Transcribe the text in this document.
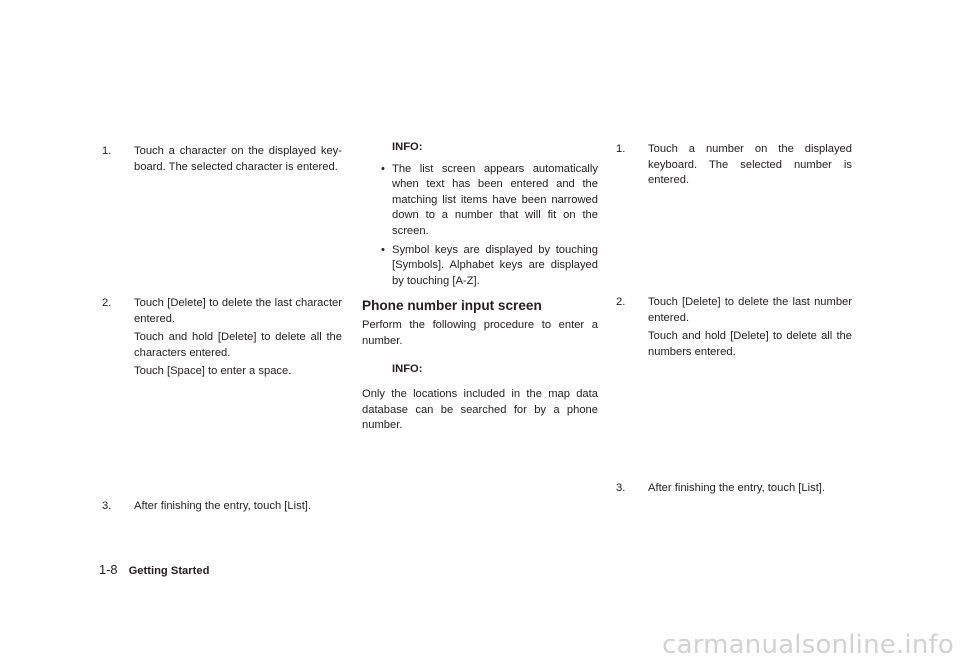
1. Touch a character on the displayed key-board. The selected character is entered.
2. Touch [Delete] to delete the last character entered.

Touch and hold [Delete] to delete all the characters entered.

Touch [Space] to enter a space.

3. After finishing the entry, touch [List].

INFO:

• The list screen appears automatically when text has been entered and the matching list items have been narrowed down to a number that will fit on the screen.
• Symbol keys are displayed by touching [Symbols]. Alphabet keys are displayed by touching [A-Z].
Phone number input screen

Perform the following procedure to enter a number.

INFO:

Only the locations included in the map data database can be searched for by a phone number.

1. Touch a number on the displayed keyboard. The selected number is entered.
2. Touch [Delete] to delete the last number entered.

Touch and hold [Delete] to delete all the numbers entered.

3. After finishing the entry, touch [List].
1-8 Getting Started
carmanualsonline.info
